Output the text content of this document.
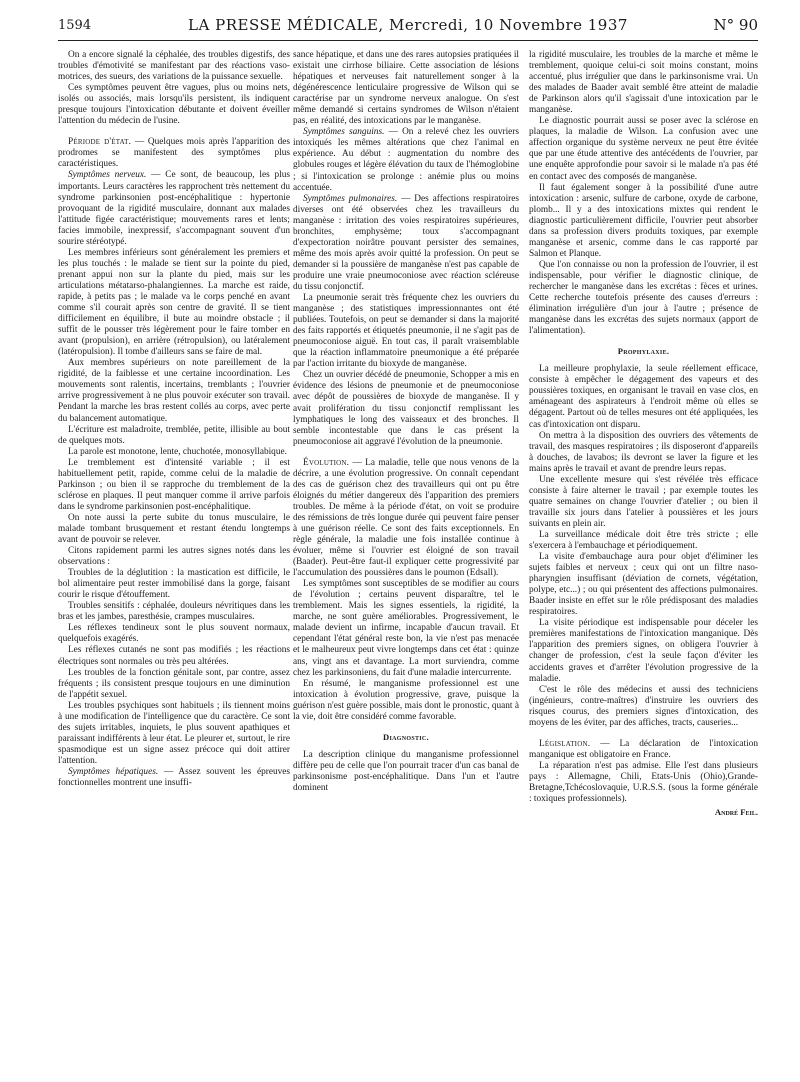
1594	LA PRESSE MÉDICALE, Mercredi, 10 Novembre 1937	N° 90

On a encore signalé la céphalée, des troubles digestifs, des troubles d'émotivité se manifestant par des réactions vaso-motrices, des sueurs, des variations de la puissance sexuelle.

Ces symptômes peuvent être vagues, plus ou moins nets, isolés ou associés, mais lorsqu'ils persistent, ils indiquent presque toujours l'intoxication débutante et doivent éveiller l'attention du médecin de l'usine.

Période d'état. — Quelques mois après l'apparition des prodromes se manifestent des symptômes plus caractéristiques.

Symptômes nerveux. — Ce sont, de beaucoup, les plus importants. Leurs caractères les rapprochent très nettement du syndrome parkinsonien post-encéphalitique : hypertonie provoquant de la rigidité musculaire, donnant aux malades l'attitude figée caractéristique; mouvements rares et lents; facies immobile, inexpressif, s'accompagnant souvent d'un sourire stéréotypé.

Les membres inférieurs sont généralement les premiers et les plus touchés : le malade se tient sur la pointe du pied, prenant appui non sur la plante du pied, mais sur les articulations métatarso-phalangiennes. La marche est raide, rapide, à petits pas ; le malade va le corps penché en avant comme s'il courait après son centre de gravité. Il se tient difficilement en équilibre, il bute au moindre obstacle ; il suffit de le pousser très légèrement pour le faire tomber en avant (propulsion), en arrière (rétropulsion), ou latéralement (latéropulsion). Il tombe d'ailleurs sans se faire de mal.

Aux membres supérieurs on note pareillement de la rigidité, de la faiblesse et une certaine incoordination. Les mouvements sont ralentis, incertains, tremblants ; l'ouvrier arrive progressivement à ne plus pouvoir exécuter son travail. Pendant la marche les bras restent collés au corps, avec perte du balancement automatique.

L'écriture est maladroite, tremblée, petite, illisible au bout de quelques mots.

La parole est monotone, lente, chuchotée, monosyllabique.

Le tremblement est d'intensité variable ; il est habituellement petit, rapide, comme celui de la maladie de Parkinson ; ou bien il se rapproche du tremblement de la sclérose en plaques. Il peut manquer comme il arrive parfois dans le syndrome parkinsonien post-encéphalitique.

On note aussi la perte subite du tonus musculaire, le malade tombant brusquement et restant étendu longtemps avant de pouvoir se relever.

Citons rapidement parmi les autres signes notés dans les observations :

Troubles de la déglutition : la mastication est difficile, le bol alimentaire peut rester immobilisé dans la gorge, faisant courir le risque d'étouffement.

Troubles sensitifs : céphalée, douleurs névritiques dans les bras et les jambes, paresthésie, crampes musculaires.

Les réflexes tendineux sont le plus souvent normaux, quelquefois exagérés.

Les réflexes cutanés ne sont pas modifiés ; les réactions électriques sont normales ou très peu altérées.

Les troubles de la fonction génitale sont, par contre, assez fréquents ; ils consistent presque toujours en une diminution de l'appétit sexuel.

Les troubles psychiques sont habituels ; ils tiennent moins à une modification de l'intelligence que du caractère. Ce sont des sujets irritables, inquiets, le plus souvent apathiques et paraissant indifférents à leur état. Le pleurer et, surtout, le rire spasmodique est un signe assez précoce qui doit attirer l'attention.

Symptômes hépatiques. — Assez souvent les épreuves fonctionnelles montrent une insuffi-

sance hépatique, et dans une des rares autopsies pratiquées il existait une cirrhose biliaire. Cette association de lésions hépatiques et nerveuses fait naturellement songer à la dégénérescence lenticulaire progressive de Wilson qui se caractérise par un syndrome nerveux analogue. On s'est même demandé si certains syndromes de Wilson n'étaient pas, en réalité, des intoxications par le manganèse.

Symptômes sanguins. — On a relevé chez les ouvriers intoxiqués les mêmes altérations que chez l'animal en expérience. Au début : augmentation du nombre des globules rouges et légère élévation du taux de l'hémoglobine ; si l'intoxication se prolonge : anémie plus ou moins accentuée.

Symptômes pulmonaires. — Des affections respiratoires diverses ont été observées chez les travailleurs du manganèse : irritation des voies respiratoires supérieures, bronchites, emphysème; toux s'accompagnant d'expectoration noirâtre pouvant persister des semaines, même des mois après avoir quitté la profession. On peut se demander si la poussière de manganèse n'est pas capable de produire une vraie pneumoconiose avec réaction scléreuse du tissu conjonctif.

La pneumonie serait très fréquente chez les ouvriers du manganèse ; des statistiques impressionnantes ont été publiées. Toutefois, on peut se demander si dans la majorité des faits rapportés et étiquetés pneumonie, il ne s'agit pas de pneumoconiose aiguë. En tout cas, il paraît vraisemblable que la réaction inflammatoire pneumonique a été préparée par l'action irritante du bioxyde de manganèse.

Chez un ouvrier décédé de pneumonie, Schopper a mis en évidence des lésions de pneumonie et de pneumoconiose avec dépôt de poussières de bioxyde de manganèse. Il y avait prolifération du tissu conjonctif remplissant les lymphatiques le long des vaisseaux et des bronches. Il semble incontestable que dans le cas présent la pneumoconiose ait aggravé l'évolution de la pneumonie.

Évolution. — La maladie, telle que nous venons de la décrire, a une évolution progressive. On connaît cependant des cas de guérison chez des travailleurs qui ont pu être éloignés du métier dangereux dès l'apparition des premiers troubles. De même à la période d'état, on voit se produire des rémissions de très longue durée qui peuvent faire penser à une guérison réelle. Ce sont des faits exceptionnels. En règle générale, la maladie une fois installée continue à évoluer, même si l'ouvrier est éloigné de son travail (Baader). Peut-être faut-il expliquer cette progressivité par l'accumulation des poussières dans le poumon (Edsall).

Les symptômes sont susceptibles de se modifier au cours de l'évolution ; certains peuvent disparaître, tel le tremblement. Mais les signes essentiels, la rigidité, la marche, ne sont guère améliorables. Progressivement, le malade devient un infirme, incapable d'aucun travail. Et cependant l'état général reste bon, la vie n'est pas menacée et le malheureux peut vivre longtemps dans cet état : quinze ans, vingt ans et davantage. La mort surviendra, comme chez les parkinsoniens, du fait d'une maladie intercurrente.

En résumé, le manganisme professionnel est une intoxication à évolution progressive, grave, puisque la guérison n'est guère possible, mais dont le pronostic, quant à la vie, doit être considéré comme favorable.

Diagnostic.

La description clinique du manganisme professionnel diffère peu de celle que l'on pourrait tracer d'un cas banal de parkinsonisme post-encéphalitique. Dans l'un et l'autre dominent

la rigidité musculaire, les troubles de la marche et même le tremblement, quoique celui-ci soit moins constant, moins accentué, plus irrégulier que dans le parkinsonisme vrai. Un des malades de Baader avait semblé être atteint de maladie de Parkinson alors qu'il s'agissait d'une intoxication par le manganèse.

Le diagnostic pourrait aussi se poser avec la sclérose en plaques, la maladie de Wilson. La confusion avec une affection organique du système nerveux ne peut être évitée que par une étude attentive des antécédents de l'ouvrier, par une enquête approfondie pour savoir si le malade n'a pas été en contact avec des composés de manganèse.

Il faut également songer à la possibilité d'une autre intoxication : arsenic, sulfure de carbone, oxyde de carbone, plomb... Il y a des intoxications mixtes qui rendent le diagnostic particulièrement difficile, l'ouvrier peut absorber dans sa profession divers produits toxiques, par exemple manganèse et arsenic, comme dans le cas rapporté par Salmon et Planque.

Que l'on connaisse ou non la profession de l'ouvrier, il est indispensable, pour vérifier le diagnostic clinique, de rechercher le manganèse dans les excrétas : fèces et urines. Cette recherche toutefois présente des causes d'erreurs : élimination irrégulière d'un jour à l'autre ; présence de manganèse dans les excrétas des sujets normaux (apport de l'alimentation).

Prophylaxie.

La meilleure prophylaxie, la seule réellement efficace, consiste à empêcher le dégagement des vapeurs et des poussières toxiques, en organisant le travail en vase clos, en aménageant des aspirateurs à l'endroit même où elles se dégagent. Partout où de telles mesures ont été appliquées, les cas d'intoxication ont disparu.

On mettra à la disposition des ouvriers des vêtements de travail, des masques respiratoires ; ils disposeront d'appareils à douches, de lavabos; ils devront se laver la figure et les mains après le travail et avant de prendre leurs repas.

Une excellente mesure qui s'est révélée très efficace consiste à faire alterner le travail ; par exemple toutes les quatre semaines on change l'ouvrier d'atelier ; ou bien il travaille six jours dans l'atelier à poussières et les jours suivants en plein air.

La surveillance médicale doit être très stricte ; elle s'exercera à l'embauchage et périodiquement.

La visite d'embauchage aura pour objet d'éliminer les sujets faibles et nerveux ; ceux qui ont un filtre naso-pharyngien insuffisant (déviation de cornets, végétation, polype, etc...) ; ou qui présentent des affections pulmonaires. Baader insiste en effet sur le rôle prédisposant des maladies respiratoires.

La visite périodique est indispensable pour déceler les premières manifestations de l'intoxication manganique. Dès l'apparition des premiers signes, on obligera l'ouvrier à changer de profession, c'est la seule façon d'éviter les accidents graves et d'arrêter l'évolution progressive de la maladie.

C'est le rôle des médecins et aussi des techniciens (ingénieurs, contre-maîtres) d'instruire les ouvriers des risques courus, des premiers signes d'intoxication, des moyens de les éviter, par des affiches, tracts, causeries...

Législation. — La déclaration de l'intoxication manganique est obligatoire en France.

La réparation n'est pas admise. Elle l'est dans plusieurs pays : Allemagne, Chili, Etats-Unis (Ohio),Grande-Bretagne,Tchécoslovaquie, U.R.S.S. (sous la forme générale : toxiques professionnels).

André Feil.
